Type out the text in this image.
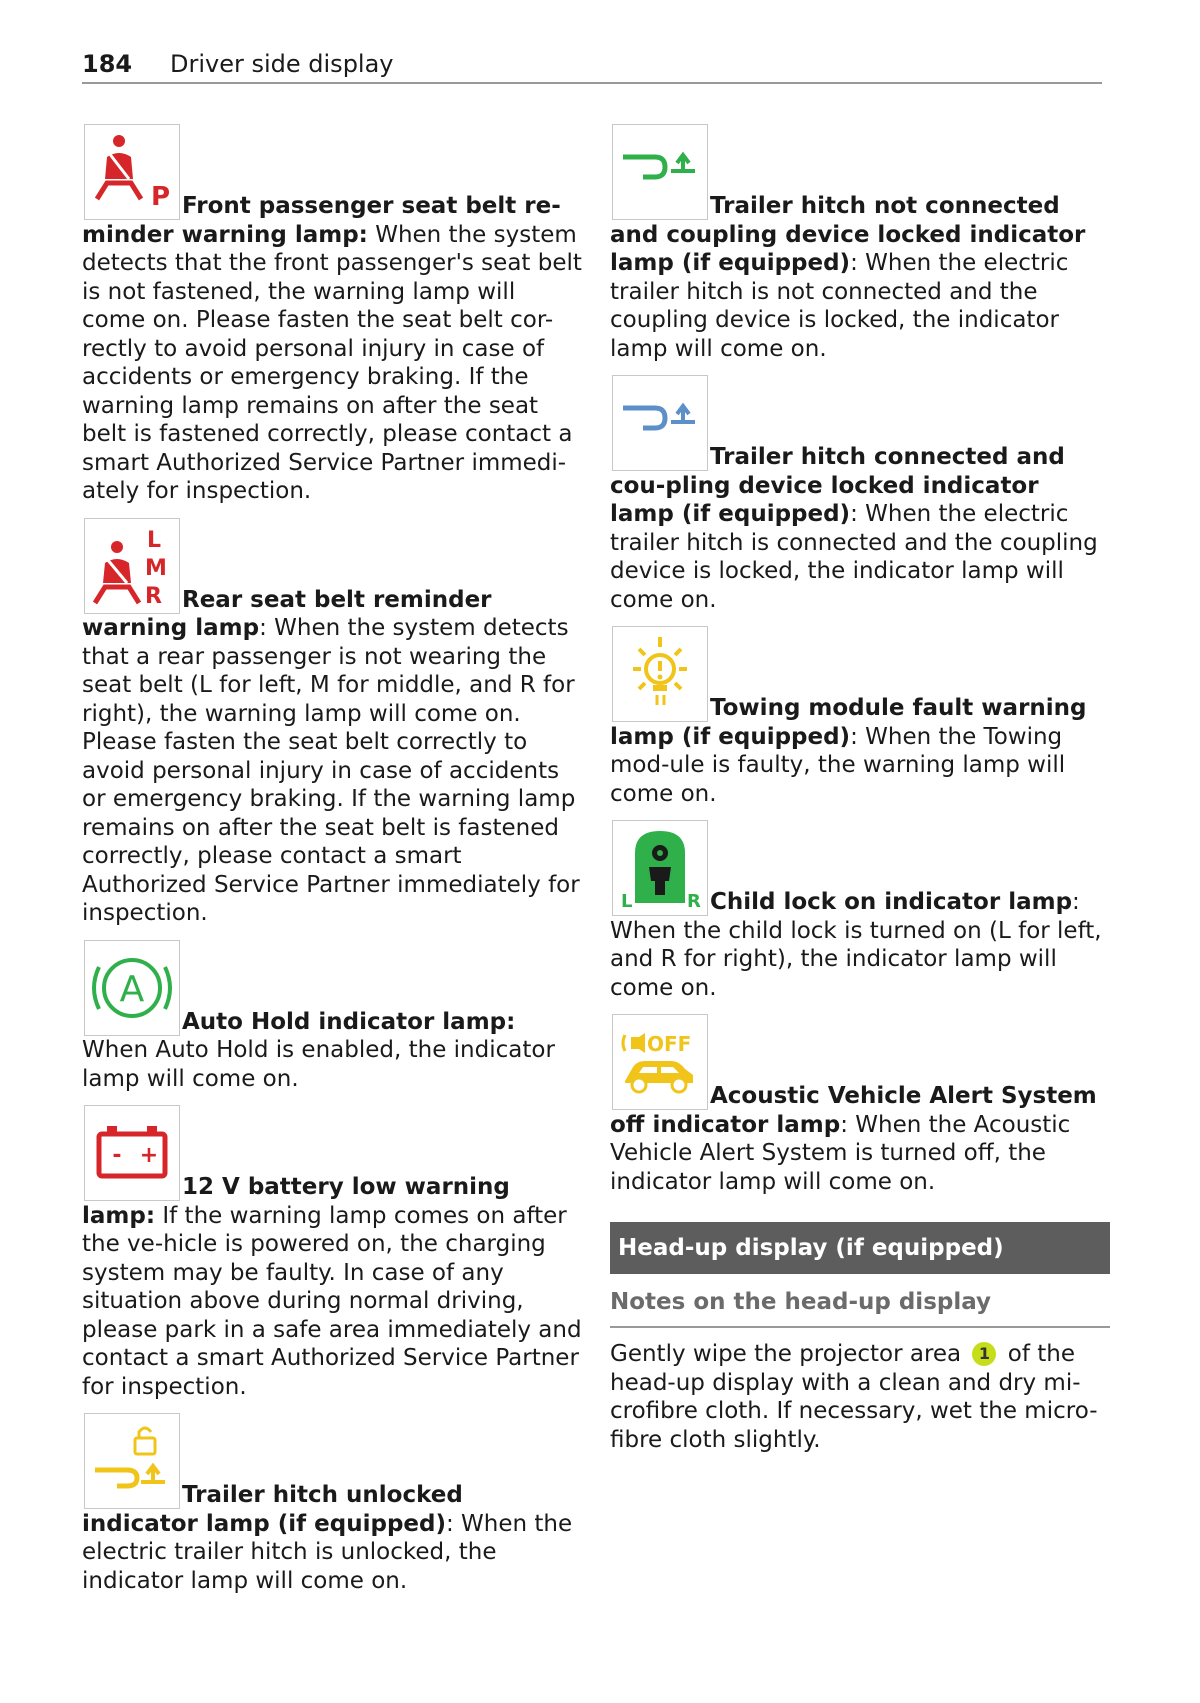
184	Driver side display
P Front passenger seat belt re-minder warning lamp: When the system detects that the front passenger's seat belt is not fastened, the warning lamp will come on. Please fasten the seat belt cor-rectly to avoid personal injury in case of accidents or emergency braking. If the warning lamp remains on after the seat belt is fastened correctly, please contact a smart Authorized Service Partner immedi-ately for inspection.
L
M
R Rear seat belt reminder warning lamp: When the system detects that a rear passenger is not wearing the seat belt (L for left, M for middle, and R for right), the warning lamp will come on. Please fasten the seat belt correctly to avoid personal injury in case of accidents or emergency braking. If the warning lamp remains on after the seat belt is fastened correctly, please contact a smart Authorized Service Partner immediately for inspection.
A
Auto Hold indicator lamp: When Auto Hold is enabled, the indicator lamp will come on.
- +
12 V battery low warning lamp: If the warning lamp comes on after the ve-hicle is powered on, the charging system may be faulty. In case of any situation above during normal driving, please park in a safe area immediately and contact a smart Authorized Service Partner for inspection.
Trailer hitch unlocked indicator lamp (if equipped): When the electric trailer hitch is unlocked, the indicator lamp will come on.
Trailer hitch not connected and coupling device locked indicator lamp (if equipped): When the electric trailer hitch is not connected and the coupling device is locked, the indicator lamp will come on.
Trailer hitch connected and cou-pling device locked indicator lamp (if equipped): When the electric trailer hitch is connected and the coupling device is locked, the indicator lamp will come on.
Towing module fault warning lamp (if equipped): When the Towing mod-ule is faulty, the warning lamp will come on.
L	R Child lock on indicator lamp: When the child lock is turned on (L for left, and R for right), the indicator lamp will come on.
OFF
Acoustic Vehicle Alert System off indicator lamp: When the Acoustic Vehicle Alert System is turned off, the indicator lamp will come on.
Head-up display (if equipped)
Notes on the head-up display
Gently wipe the projector area 1 of the head-up display with a clean and dry mi-crofibre cloth. If necessary, wet the micro-fibre cloth slightly.
